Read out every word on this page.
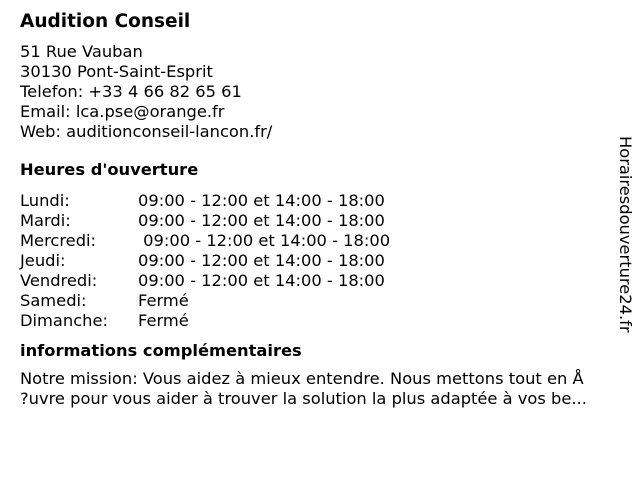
Audition Conseil
51 Rue Vauban
30130 Pont-Saint-Esprit
Telefon: +33 4 66 82 65 61
Email: lca.pse@orange.fr
Web: auditionconseil-lancon.fr/
Heures d'ouverture
Lundi:	09:00 - 12:00 et 14:00 - 18:00
Mardi:	09:00 - 12:00 et 14:00 - 18:00
Mercredi:	09:00 - 12:00 et 14:00 - 18:00
Jeudi:	09:00 - 12:00 et 14:00 - 18:00
Vendredi:	09:00 - 12:00 et 14:00 - 18:00
Samedi:	Fermé
Dimanche:	Fermé
informations complémentaires
Notre mission: Vous aidez à mieux entendre. Nous mettons tout en Å
?uvre pour vous aider à trouver la solution la plus adaptée à vos be...
Horairesdouverture24.fr
